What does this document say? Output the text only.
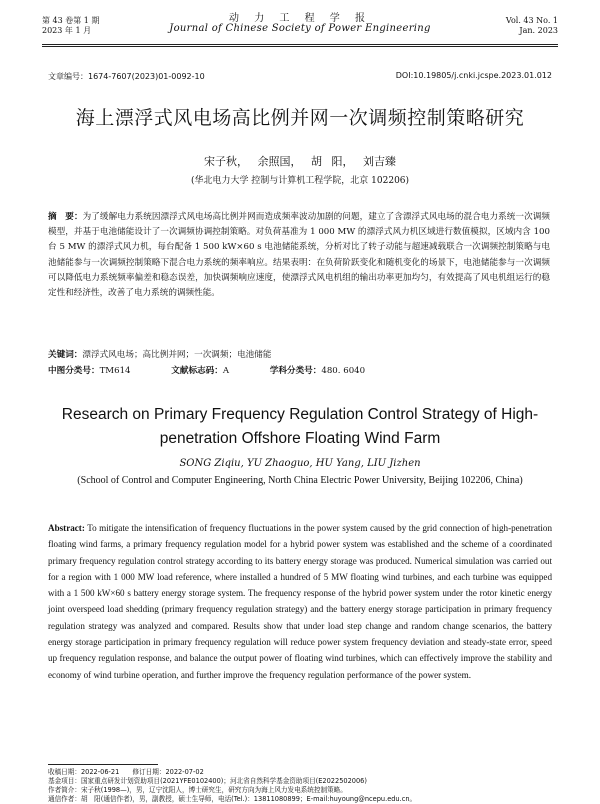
第 43 卷第 1 期
2023 年 1 月
动 力 工 程 学 报
Journal of Chinese Society of Power Engineering
Vol. 43 No. 1
Jan. 2023
文章编号：1674-7607(2023)01-0092-10	DOI:10.19805/j.cnki.jcspe.2023.01.012
海上漂浮式风电场高比例并网一次调频控制策略研究
宋子秋， 余照国， 胡 阳， 刘吉臻
(华北电力大学 控制与计算机工程学院，北京 102206)
摘　要：为了缓解电力系统因漂浮式风电场高比例并网而造成频率波动加剧的问题，建立了含漂浮式风电场的混合电力系统一次调频模型，并基于电池储能设计了一次调频协调控制策略。对负荷基准为 1 000 MW 的漂浮式风力机区域进行数值模拟，区域内含 100 台 5 MW 的漂浮式风力机，每台配备 1 500 kW×60 s 电池储能系统，分析对比了转子动能与超速减载联合一次调频控制策略与电池储能参与一次调频控制策略下混合电力系统的频率响应。结果表明：在负荷阶跃变化和随机变化的场景下，电池储能参与一次调频可以降低电力系统频率偏差和稳态误差，加快调频响应速度，使漂浮式风电机组的输出功率更加均匀，有效提高了风电机组运行的稳定性和经济性，改善了电力系统的调频性能。
关键词：漂浮式风电场；高比例并网；一次调频；电池储能
中图分类号：TM614	文献标志码：A	学科分类号：480. 6040
Research on Primary Frequency Regulation Control Strategy of High-penetration Offshore Floating Wind Farm
SONG Ziqiu, YU Zhaoguo, HU Yang, LIU Jizhen
(School of Control and Computer Engineering, North China Electric Power University, Beijing 102206, China)
Abstract: To mitigate the intensification of frequency fluctuations in the power system caused by the grid connection of high-penetration floating wind farms, a primary frequency regulation model for a hybrid power system was established and the scheme of a coordinated primary frequency regulation control strategy according to its battery energy storage was produced. Numerical simulation was carried out for a region with 1 000 MW load reference, where installed a hundred of 5 MW floating wind turbines, and each turbine was equipped with a 1 500 kW×60 s battery energy storage system. The frequency response of the hybrid power system under the rotor kinetic energy joint overspeed load shedding (primary frequency regulation strategy) and the battery energy storage participation in primary frequency regulation strategy was analyzed and compared. Results show that under load step change and random change scenarios, the battery energy storage participation in primary frequency regulation will reduce power system frequency deviation and steady-state error, speed up frequency regulation response, and balance the output power of floating wind turbines, which can effectively improve the stability and economy of wind turbine operation, and further improve the frequency regulation performance of the power system.
收稿日期：2022-06-21　　修订日期：2022-07-02
基金项目：国家重点研发计划资助项目(2021YFE0102400)；河北省自然科学基金资助项目(E2022502006)
作者简介：宋子秋(1998—)，男，辽宁沈阳人，博士研究生，研究方向为海上风力发电系统控制策略。
通信作者：胡　阳(通信作者)，男，副教授，硕士生导师，电话(Tel.)：13811080899；E-mail:huyoung@ncepu.edu.cn。
